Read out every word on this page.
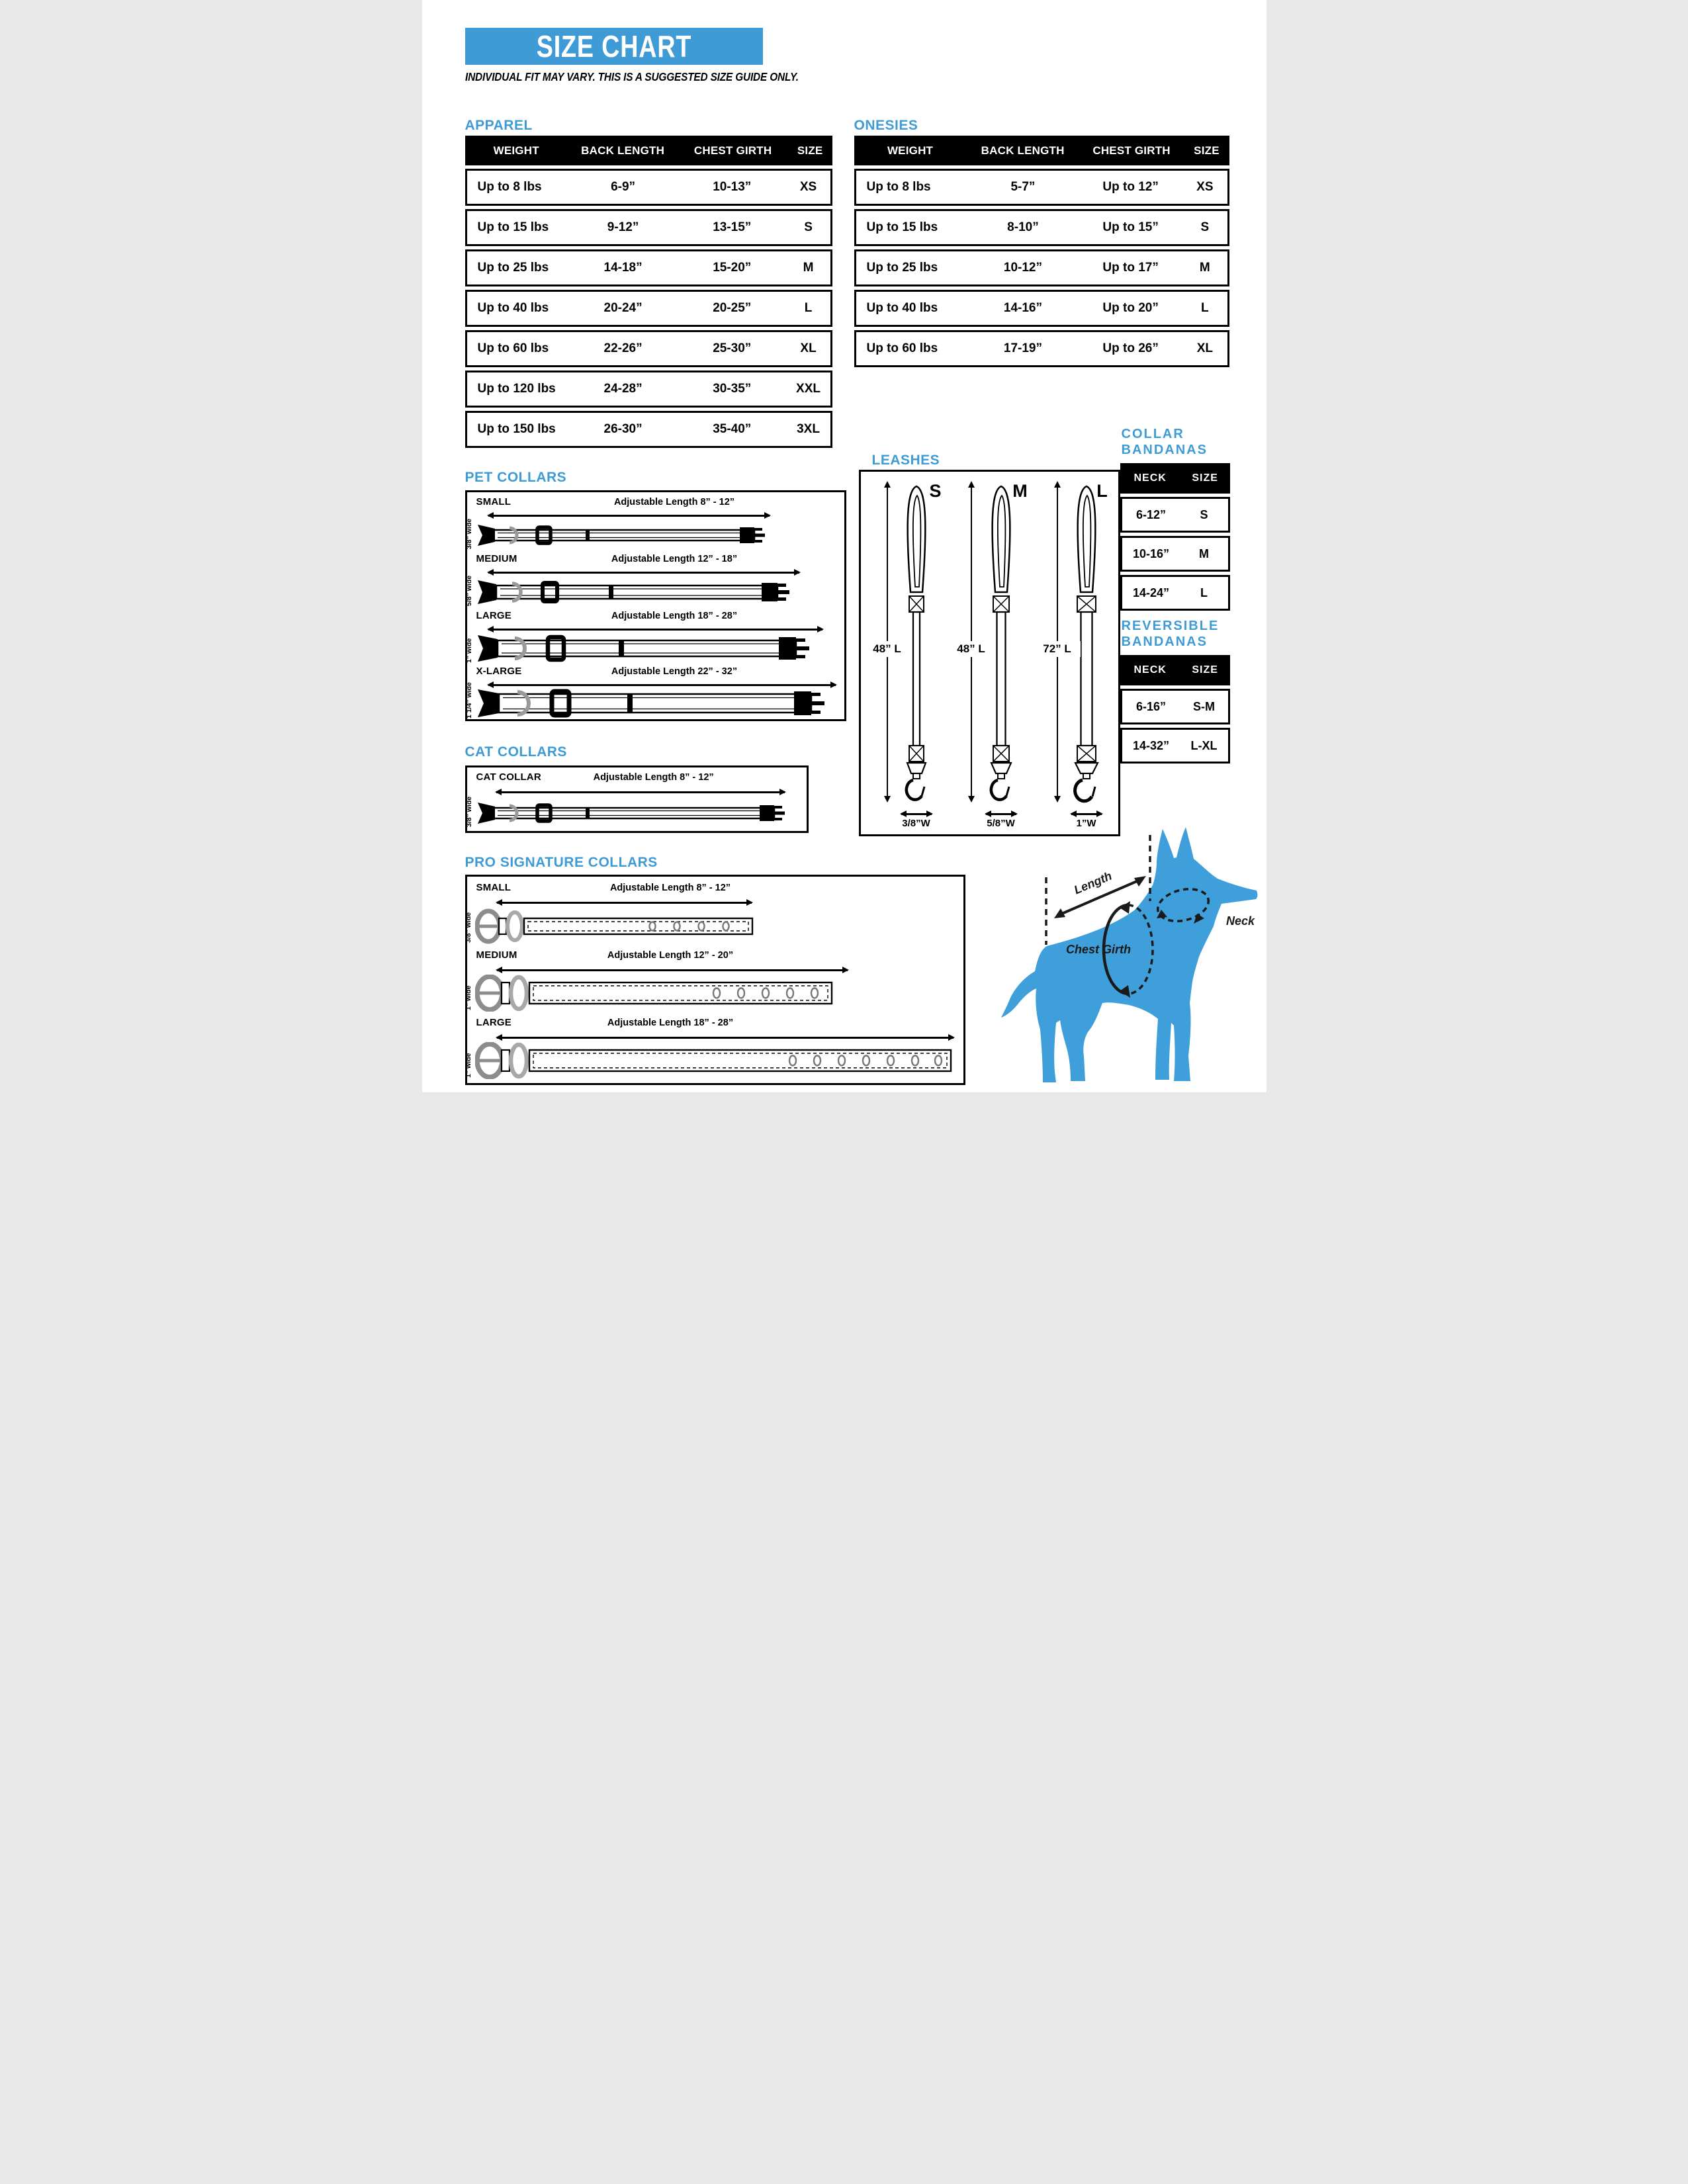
SIZE CHART
INDIVIDUAL FIT MAY VARY. THIS IS A SUGGESTED SIZE GUIDE ONLY.
APPAREL
WEIGHT	BACK LENGTH	CHEST GIRTH	SIZE
Up to 8 lbs	6-9”	10-13”	XS
Up to 15 lbs	9-12”	13-15”	S
Up to 25 lbs	14-18”	15-20”	M
Up to 40 lbs	20-24”	20-25”	L
Up to 60 lbs	22-26”	25-30”	XL
Up to 120 lbs	24-28”	30-35”	XXL
Up to 150 lbs	26-30”	35-40”	3XL
ONESIES
WEIGHT	BACK LENGTH	CHEST GIRTH	SIZE
Up to 8 lbs	5-7”	Up to 12”	XS
Up to 15 lbs	8-10”	Up to 15”	S
Up to 25 lbs	10-12”	Up to 17”	M
Up to 40 lbs	14-16”	Up to 20”	L
Up to 60 lbs	17-19”	Up to 26”	XL
PET COLLARS
SMALL	Adjustable Length 8” - 12”
3/8” wide
MEDIUM	Adjustable Length 12” - 18”
5/8” wide
LARGE	Adjustable Length 18” - 28”
1” wide
X-LARGE	Adjustable Length 22” - 32”
1 1/4” wide
LEASHES
S	M	L
48” L	48” L	72” L
3/8”W	5/8”W	1”W
COLLAR
BANDANAS
NECK	SIZE
6-12”	S
10-16”	M
14-24”	L
REVERSIBLE
BANDANAS
NECK	SIZE
6-16”	S-M
14-32”	L-XL
CAT COLLARS
CAT COLLAR	Adjustable Length 8” - 12”
3/8” wide
PRO SIGNATURE COLLARS
SMALL	Adjustable Length 8” - 12”
3/8” wide
MEDIUM	Adjustable Length 12” - 20”
1” wide
LARGE	Adjustable Length 18” - 28”
1” wide
Length
Neck
Chest Girth
